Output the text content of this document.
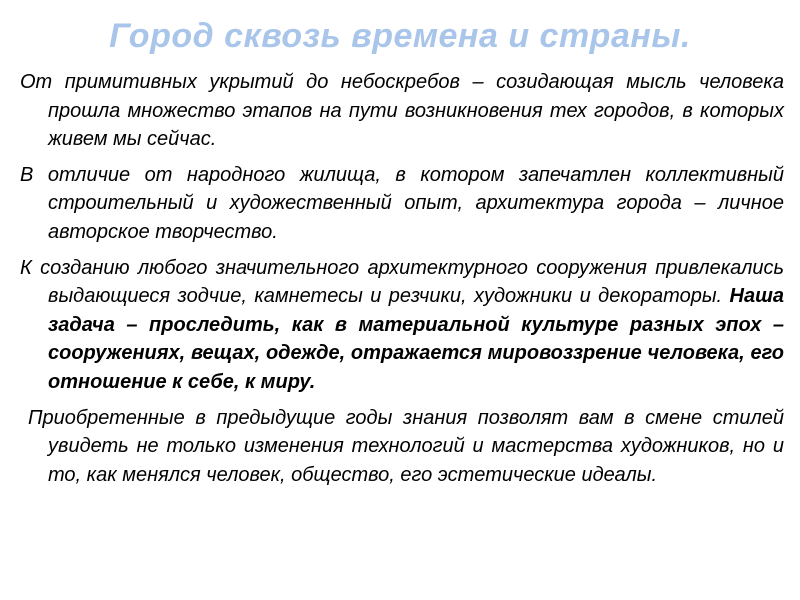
Город сквозь времена и страны.

От примитивных укрытий до небоскребов – созидающая мысль человека прошла множество этапов на пути возникновения тех городов, в которых живем мы сейчас.

В отличие от народного жилища, в котором запечатлен коллективный строительный и художественный опыт, архитектура города – личное авторское творчество.

К созданию любого значительного архитектурного сооружения привлекались выдающиеся зодчие, камнетесы и резчики, художники и декораторы. Наша задача – проследить, как в материальной культуре разных эпох – сооружениях, вещах, одежде, отражается мировоззрение человека, его отношение к себе, к миру.

Приобретенные в предыдущие годы знания позволят вам в смене стилей увидеть не только изменения технологий и мастерства художников, но и то, как менялся человек, общество, его эстетические идеалы.
